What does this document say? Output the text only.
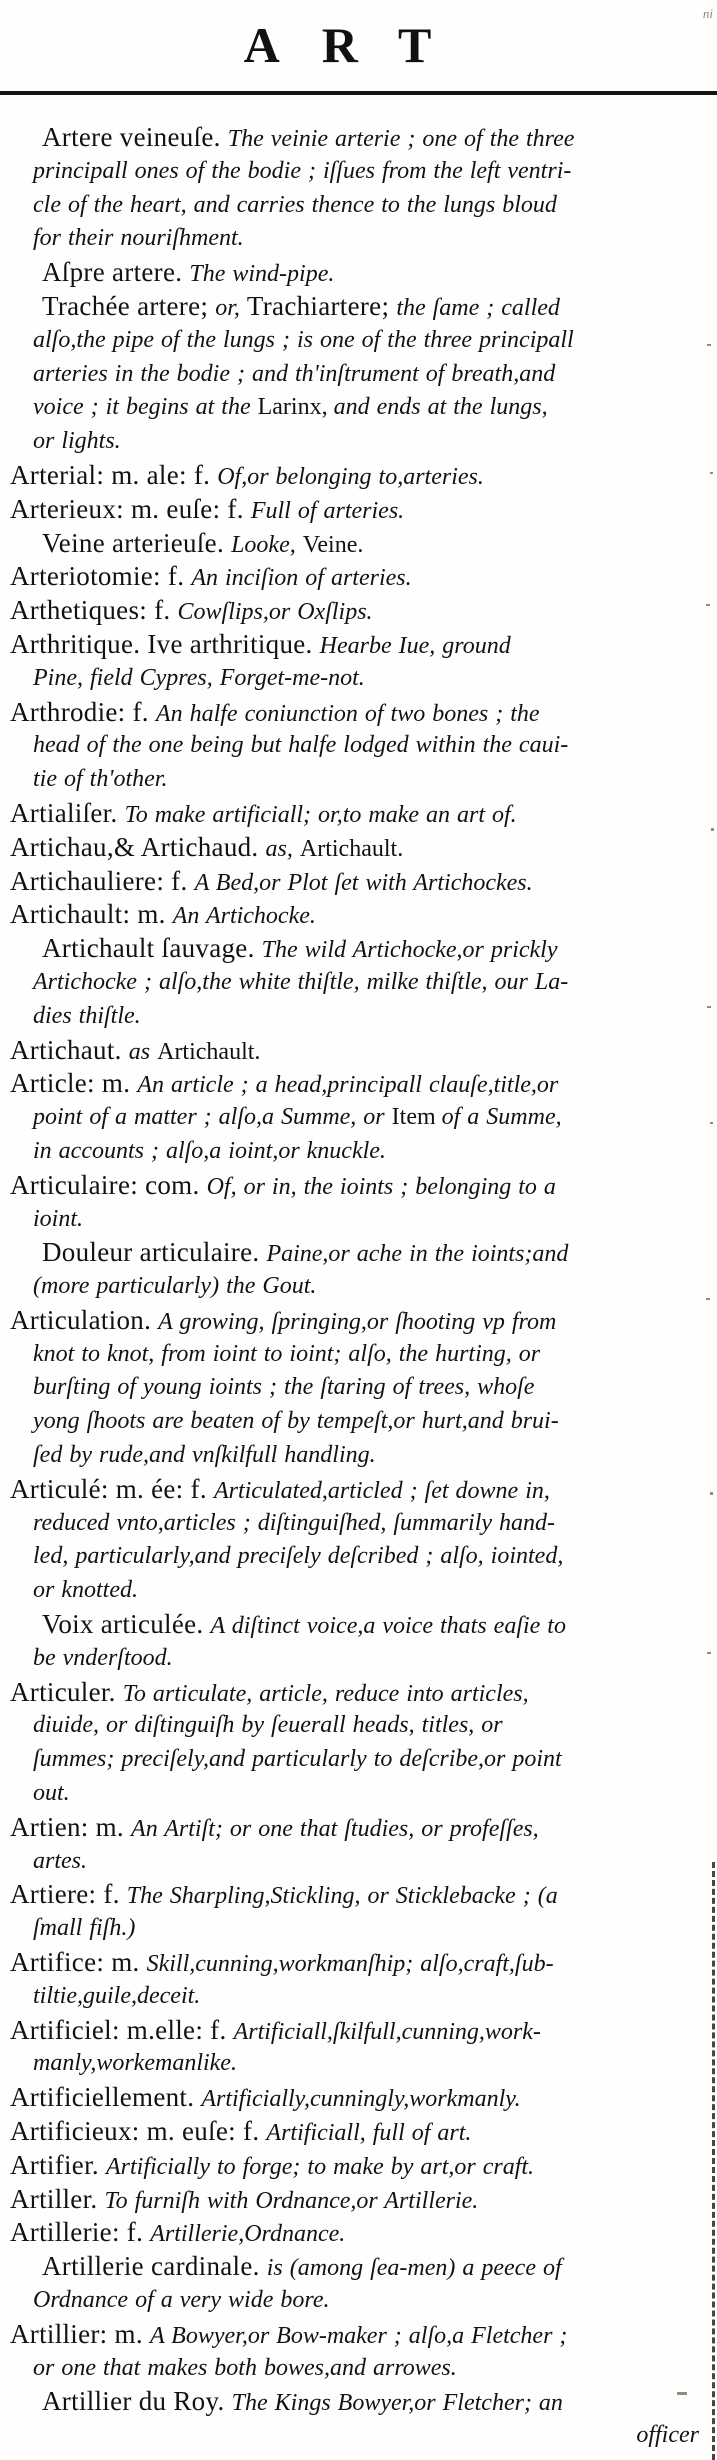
ART
ni
Artere veineuſe. The veinie arterie ; one of the three
principall ones of the bodie ; iſſues from the left ventri-
cle of the heart, and carries thence to the lungs bloud
for their nouriſhment.
Aſpre artere. The wind-pipe.
Trachée artere; or, Trachiartere; the ſame ; called
alſo,the pipe of the lungs ; is one of the three principall
arteries in the bodie ; and th'inſtrument of breath,and
voice ; it begins at the Larinx, and ends at the lungs,
or lights.
Arterial: m. ale: f. Of,or belonging to,arteries.
Arterieux: m. euſe: f. Full of arteries.
Veine arterieuſe. Looke, Veine.
Arteriotomie: f. An inciſion of arteries.
Arthetiques: f. Cowſlips,or Oxſlips.
Arthritique. Ive arthritique. Hearbe Iue, ground
Pine, field Cypres, Forget-me-not.
Arthrodie: f. An halfe coniunction of two bones ; the
head of the one being but halfe lodged within the caui-
tie of th'other.
Artialiſer. To make artificiall; or,to make an art of.
Artichau,& Artichaud. as, Artichault.
Artichauliere: f. A Bed,or Plot ſet with Artichockes.
Artichault: m. An Artichocke.
Artichault ſauvage. The wild Artichocke,or prickly
Artichocke ; alſo,the white thiſtle, milke thiſtle, our La-
dies thiſtle.
Artichaut. as Artichault.
Article: m. An article ; a head,principall clauſe,title,or
point of a matter ; alſo,a Summe, or Item of a Summe,
in accounts ; alſo,a ioint,or knuckle.
Articulaire: com. Of, or in, the ioints ; belonging to a
ioint.
Douleur articulaire. Paine,or ache in the ioints;and
(more particularly) the Gout.
Articulation. A growing, ſpringing,or ſhooting vp from
knot to knot, from ioint to ioint; alſo, the hurting, or
burſting of young ioints ; the ſtaring of trees, whoſe
yong ſhoots are beaten of by tempeſt,or hurt,and brui-
ſed by rude,and vnſkilfull handling.
Articulé: m. ée: f. Articulated,articled ; ſet downe in,
reduced vnto,articles ; diſtinguiſhed, ſummarily hand-
led, particularly,and preciſely deſcribed ; alſo, iointed,
or knotted.
Voix articulée. A diſtinct voice,a voice thats eaſie to
be vnderſtood.
Articuler. To articulate, article, reduce into articles,
diuide, or diſtinguiſh by ſeuerall heads, titles, or
ſummes; preciſely,and particularly to deſcribe,or point
out.
Artien: m. An Artiſt; or one that ſtudies, or profeſſes,
artes.
Artiere: f. The Sharpling,Stickling, or Sticklebacke ; (a
ſmall fiſh.)
Artifice: m. Skill,cunning,workmanſhip; alſo,craft,ſub-
tiltie,guile,deceit.
Artificiel: m.elle: f. Artificiall,ſkilfull,cunning,work-
manly,workemanlike.
Artificiellement. Artificially,cunningly,workmanly.
Artificieux: m. euſe: f. Artificiall, full of art.
Artifier. Artificially to forge; to make by art,or craft.
Artiller. To furniſh with Ordnance,or Artillerie.
Artillerie: f. Artillerie,Ordnance.
Artillerie cardinale. is (among ſea-men) a peece of
Ordnance of a very wide bore.
Artillier: m. A Bowyer,or Bow-maker ; alſo,a Fletcher ;
or one that makes both bowes,and arrowes.
Artillier du Roy. The Kings Bowyer,or Fletcher; an
officer
